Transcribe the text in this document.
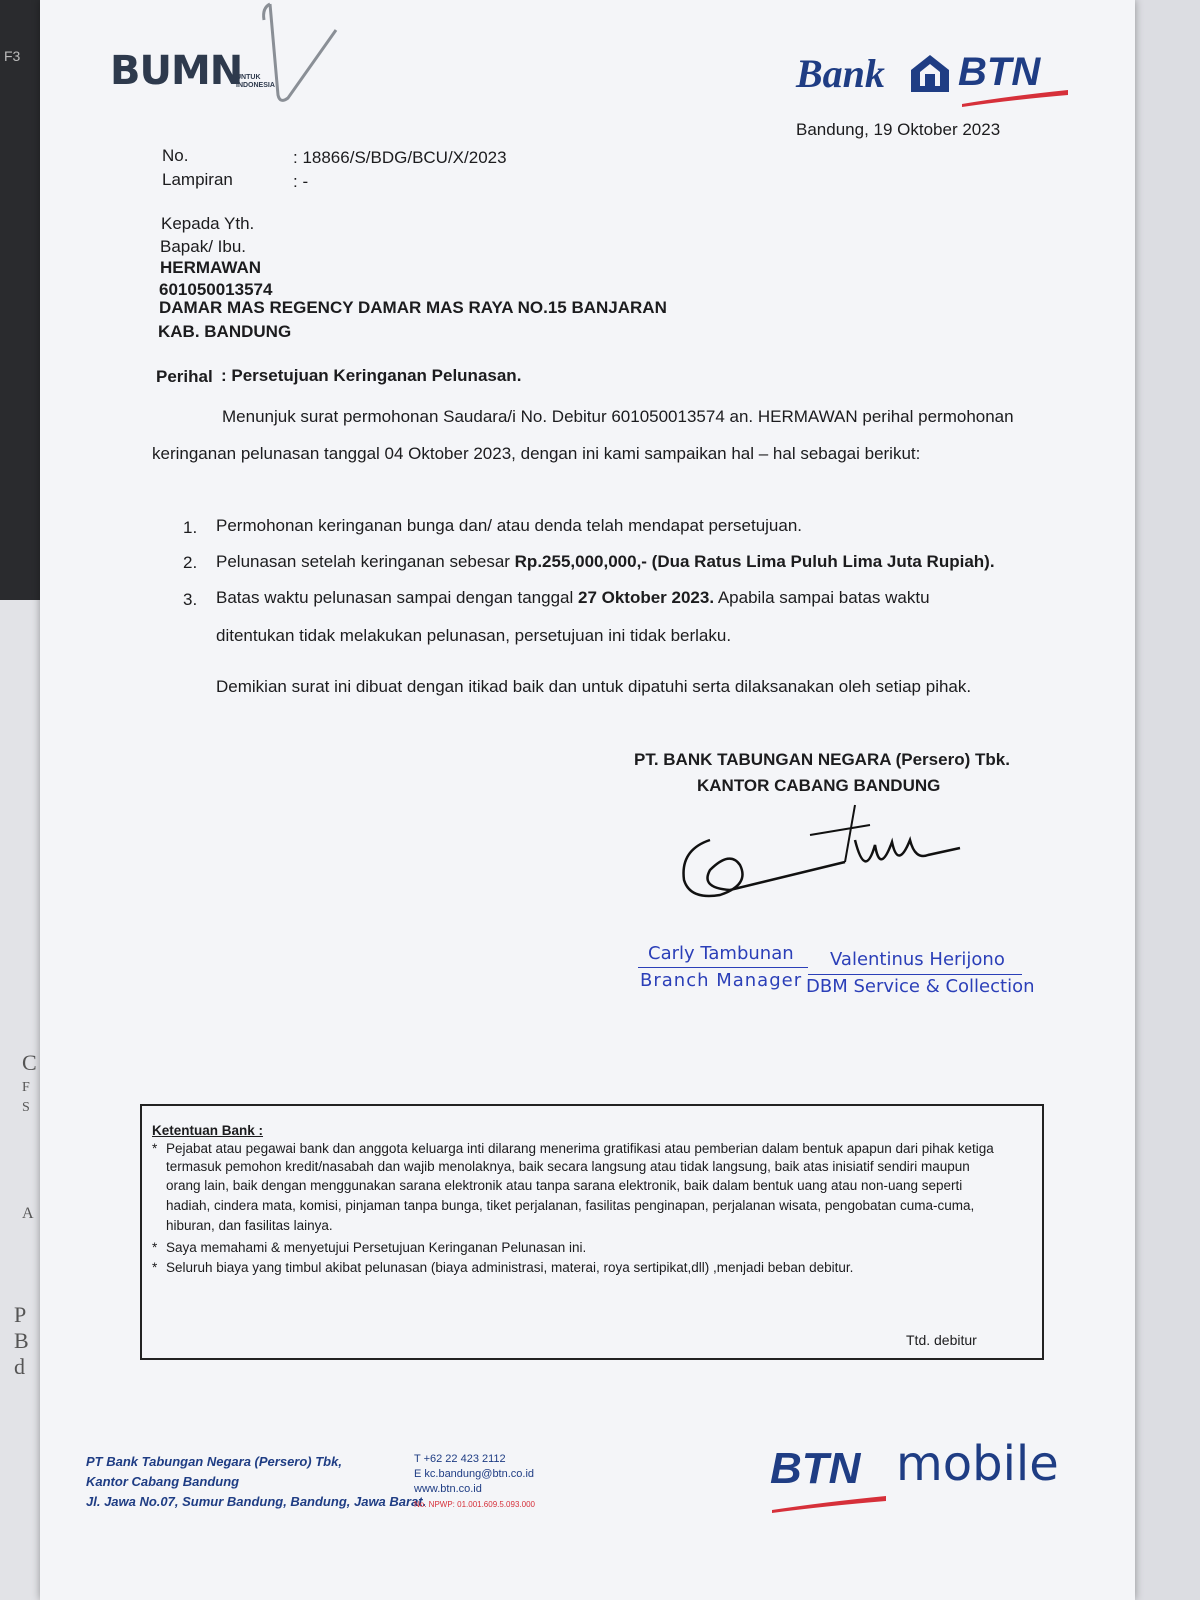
F3
C
F
S
A
P
B
d
BUMN
UNTUK
INDONESIA	Bank BTN
Bandung, 19 Oktober 2023
No.	: 18866/S/BDG/BCU/X/2023
Lampiran	: -
Kepada Yth.
Bapak/ Ibu.
HERMAWAN
601050013574
DAMAR MAS REGENCY DAMAR MAS RAYA NO.15 BANJARAN
KAB. BANDUNG
Perihal : Persetujuan Keringanan Pelunasan.
Menunjuk surat permohonan Saudara/i No. Debitur 601050013574 an. HERMAWAN perihal permohonan
keringanan pelunasan tanggal 04 Oktober 2023, dengan ini kami sampaikan hal – hal sebagai berikut:
1. Permohonan keringanan bunga dan/ atau denda telah mendapat persetujuan.
2. Pelunasan setelah keringanan sebesar Rp.255,000,000,- (Dua Ratus Lima Puluh Lima Juta Rupiah).
3. Batas waktu pelunasan sampai dengan tanggal 27 Oktober 2023. Apabila sampai batas waktu
ditentukan tidak melakukan pelunasan, persetujuan ini tidak berlaku.
Demikian surat ini dibuat dengan itikad baik dan untuk dipatuhi serta dilaksanakan oleh setiap pihak.
PT. BANK TABUNGAN NEGARA (Persero) Tbk.
KANTOR CABANG BANDUNG
Carly Tambunan
Branch Manager
Valentinus Herijono
DBM Service & Collection
Ketentuan Bank :
* Pejabat atau pegawai bank dan anggota keluarga inti dilarang menerima gratifikasi atau pemberian dalam bentuk apapun dari pihak ketiga
termasuk pemohon kredit/nasabah dan wajib menolaknya, baik secara langsung atau tidak langsung, baik atas inisiatif sendiri maupun
orang lain, baik dengan menggunakan sarana elektronik atau tanpa sarana elektronik, baik dalam bentuk uang atau non-uang seperti
hadiah, cindera mata, komisi, pinjaman tanpa bunga, tiket perjalanan, fasilitas penginapan, perjalanan wisata, pengobatan cuma-cuma,
hiburan, dan fasilitas lainya.
* Saya memahami & menyetujui Persetujuan Keringanan Pelunasan ini.
* Seluruh biaya yang timbul akibat pelunasan (biaya administrasi, materai, roya sertipikat,dll) ,menjadi beban debitur.
Ttd. debitur
PT Bank Tabungan Negara (Persero) Tbk,
Kantor Cabang Bandung
Jl. Jawa No.07, Sumur Bandung, Bandung, Jawa Barat.
T +62 22 423 2112
E kc.bandung@btn.co.id
www.btn.co.id
No. NPWP: 01.001.609.5.093.000
BTN mobile
